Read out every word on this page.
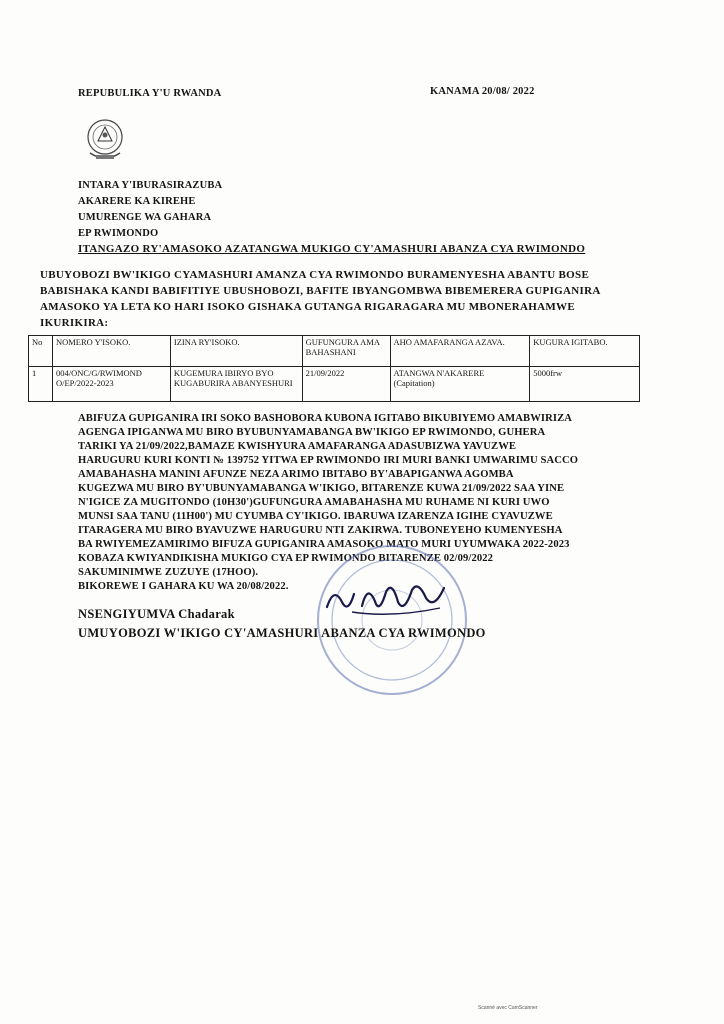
REPUBULIKA Y'U RWANDA	KANAMA 20/08/ 2022
INTARA Y'IBURASIRAZUBA
AKARERE KA KIREHE
UMURENGE WA GAHARA
EP RWIMONDO
ITANGAZO RY'AMASOKO AZATANGWA MUKIGO CY'AMASHURI ABANZA CYA RWIMONDO
UBUYOBOZI BW'IKIGO CYAMASHURI AMANZA CYA RWIMONDO BURAMENYESHA ABANTU BOSE
BABISHAKA KANDI BABIFITIYE UBUSHOBOZI, BAFITE IBYANGOMBWA BIBEMERERA GUPIGANIRA
AMASOKO YA LETA KO HARI ISOKO GISHAKA GUTANGA RIGARAGARA MU MBONERAHAMWE
IKURIKIRA:
No	NOMERO Y'ISOKO.	IZINA RY'ISOKO.	GUFUNGURA AMA BAHASHANI	AHO AMAFARANGA AZAVA.	KUGURA IGITABO.
1	004/ONC/G/RWIMOND O/EP/2022-2023	KUGEMURA IBIRYO BYO KUGABURIRA ABANYESHURI	21/09/2022	ATANGWA N'AKARERE (Capitation)	5000frw
ABIFUZA GUPIGANIRA IRI SOKO BASHOBORA KUBONA IGITABO BIKUBIYEMO AMABWIRIZA
AGENGA IPIGANWA MU BIRO BYUBUNYAMABANGA BW'IKIGO EP RWIMONDO, GUHERA
TARIKI YA 21/09/2022,BAMAZE KWISHYURA AMAFARANGA ADASUBIZWA YAVUZWE
HARUGURU KURI KONTI № 139752 YITWA EP RWIMONDO IRI MURI BANKI UMWARIMU SACCO
AMABAHASHA MANINI AFUNZE NEZA ARIMO IBITABO BY'ABAPIGANWA AGOMBA
KUGEZWA MU BIRO BY'UBUNYAMABANGA W'IKIGO, BITARENZE KUWA 21/09/2022 SAA YINE
N'IGICE ZA MUGITONDO (10H30')GUFUNGURA AMABAHASHA MU RUHAME NI KURI UWO
MUNSI SAA TANU (11H00') MU CYUMBA CY'IKIGO. IBARUWA IZARENZA IGIHE CYAVUZWE
ITARAGERA MU BIRO BYAVUZWE HARUGURU NTI ZAKIRWA. TUBONEYEHO KUMENYESHA
BA RWIYEMEZAMIRIMO BIFUZA GUPIGANIRA AMASOKO MATO MURI UYUMWAKA 2022-2023
KOBAZA KWIYANDIKISHA MUKIGO CYA EP RWIMONDO BITARENZE 02/09/2022
SAKUMINIMWE ZUZUYE (17HOO).
BIKOREWE I GAHARA KU WA 20/08/2022.
NSENGIYUMVA Chadarak
UMUYOBOZI W'IKIGO CY'AMASHURI ABANZA CYA RWIMONDO
Scanné avec CamScanner
